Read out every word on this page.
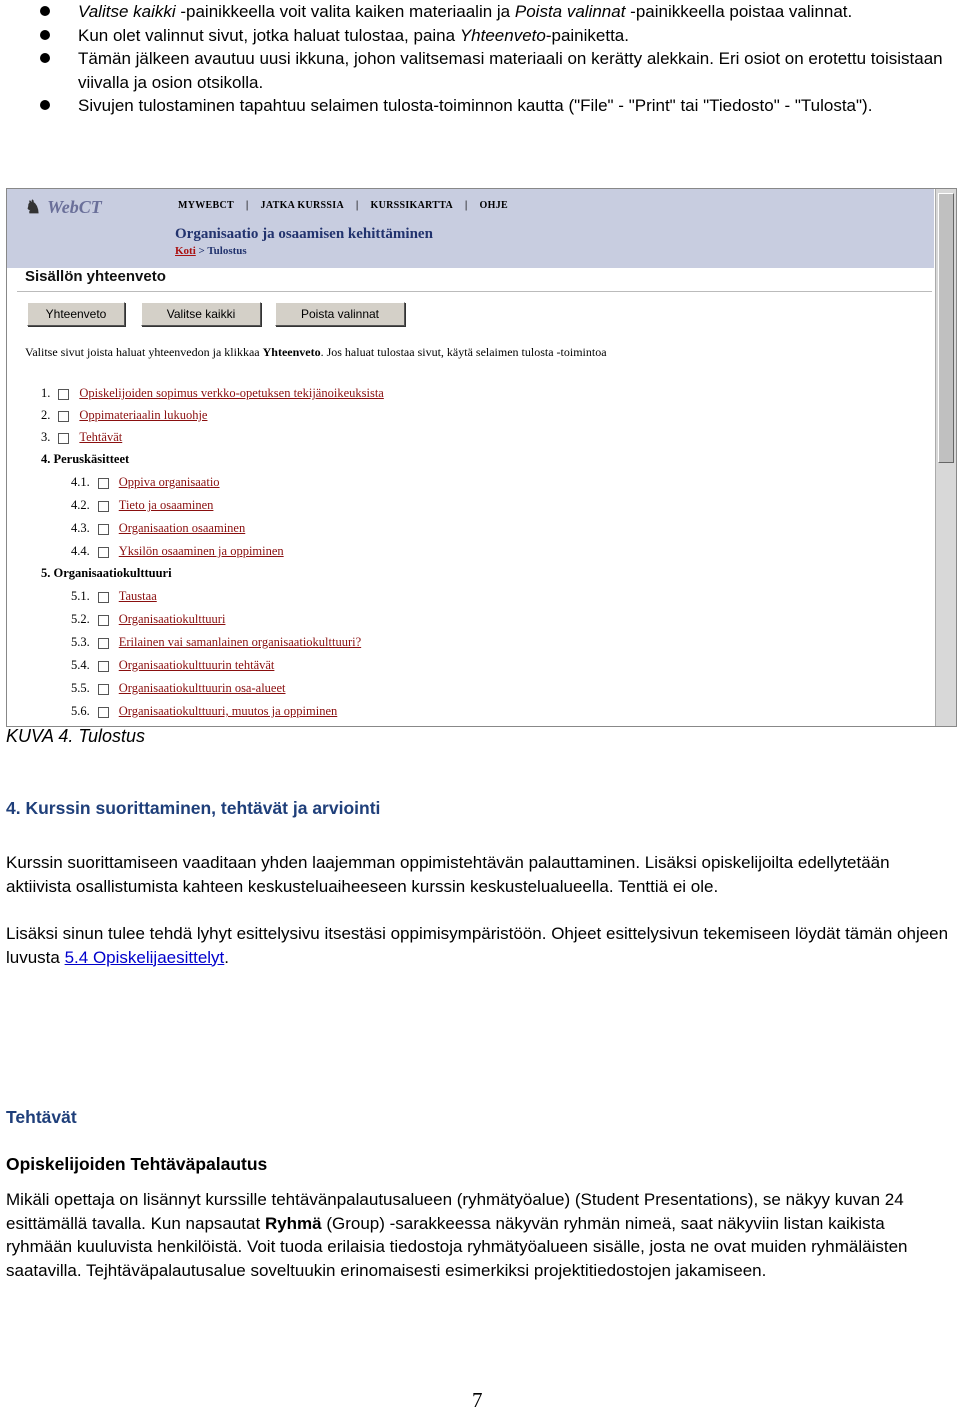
Valitse kaikki -painikkeella voit valita kaiken materiaalin ja Poista valinnat -painikkeella poistaa valinnat.
Kun olet valinnut sivut, jotka haluat tulostaa, paina Yhteenveto-painiketta.
Tämän jälkeen avautuu uusi ikkuna, johon valitsemasi materiaali on kerätty alekkain. Eri osiot on erotettu toisistaan viivalla ja osion otsikolla.
Sivujen tulostaminen tapahtuu selaimen tulosta-toiminnon kautta ("File" - "Print" tai "Tiedosto" - "Tulosta").
♞ WebCT	MYWEBCT | JATKA KURSSIA | KURSSIKARTTA | OHJE
Organisaatio ja osaamisen kehittäminen
Koti > Tulostus
Sisällön yhteenveto
Yhteenveto	Valitse kaikki	Poista valinnat
Valitse sivut joista haluat yhteenvedon ja klikkaa Yhteenveto. Jos haluat tulostaa sivut, käytä selaimen tulosta -toimintoa
1. Opiskelijoiden sopimus verkko-opetuksen tekijänoikeuksista
2. Oppimateriaalin lukuohje
3. Tehtävät
4. Peruskäsitteet
4.1. Oppiva organisaatio
4.2. Tieto ja osaaminen
4.3. Organisaation osaaminen
4.4. Yksilön osaaminen ja oppiminen
5. Organisaatiokulttuuri
5.1. Taustaa
5.2. Organisaatiokulttuuri
5.3. Erilainen vai samanlainen organisaatiokulttuuri?
5.4. Organisaatiokulttuurin tehtävät
5.5. Organisaatiokulttuurin osa-alueet
5.6. Organisaatiokulttuuri, muutos ja oppiminen
KUVA 4. Tulostus
4. Kurssin suorittaminen, tehtävät ja arviointi
Kurssin suorittamiseen vaaditaan yhden laajemman oppimistehtävän palauttaminen. Lisäksi opiskelijoilta edellytetään aktiivista osallistumista kahteen keskusteluaiheeseen kurssin keskustelualueella. Tenttiä ei ole.
Lisäksi sinun tulee tehdä lyhyt esittelysivu itsestäsi oppimisympäristöön. Ohjeet esittelysivun tekemiseen löydät tämän ohjeen luvusta 5.4 Opiskelijaesittelyt.
Tehtävät
Opiskelijoiden Tehtäväpalautus
Mikäli opettaja on lisännyt kurssille tehtävänpalautusalueen (ryhmätyöalue) (Student Presentations), se näkyy kuvan 24 esittämällä tavalla. Kun napsautat Ryhmä (Group) -sarakkeessa näkyvän ryhmän nimeä, saat näkyviin listan kaikista ryhmään kuuluvista henkilöistä. Voit tuoda erilaisia tiedostoja ryhmätyöalueen sisälle, josta ne ovat muiden ryhmäläisten saatavilla. Tejhtäväpalautusalue soveltuukin erinomaisesti esimerkiksi projektitiedostojen jakamiseen.
7
